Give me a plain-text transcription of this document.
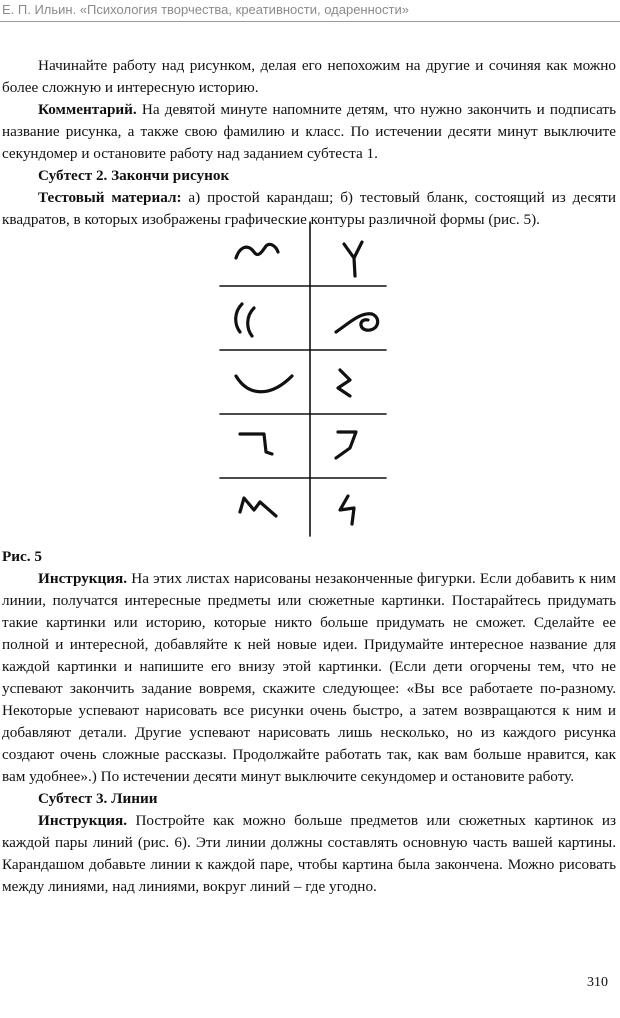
Е. П. Ильин. «Психология творчества, креативности, одаренности»

Начинайте работу над рисунком, делая его непохожим на другие и сочиняя как можно более сложную и интересную историю.

Комментарий. На девятой минуте напомните детям, что нужно закончить и подписать название рисунка, а также свою фамилию и класс. По истечении десяти минут выключите секундомер и остановите работу над заданием субтеста 1.

Субтест 2. Закончи рисунок

Тестовый материал: а) простой карандаш; б) тестовый бланк, состоящий из десяти квадратов, в которых изображены графические контуры различной формы (рис. 5).

Рис. 5

Инструкция. На этих листах нарисованы незаконченные фигурки. Если добавить к ним линии, получатся интересные предметы или сюжетные картинки. Постарайтесь придумать такие картинки или историю, которые никто больше придумать не сможет. Сделайте ее полной и интересной, добавляйте к ней новые идеи. Придумайте интересное название для каждой картинки и напишите его внизу этой картинки. (Если дети огорчены тем, что не успевают закончить задание вовремя, скажите следующее: «Вы все работаете по-разному. Некоторые успевают нарисовать все рисунки очень быстро, а затем возвращаются к ним и добавляют детали. Другие успевают нарисовать лишь несколько, но из каждого рисунка создают очень сложные рассказы. Продолжайте работать так, как вам больше нравится, как вам удобнее».) По истечении десяти минут выключите секундомер и остановите работу.

Субтест 3. Линии

Инструкция. Постройте как можно больше предметов или сюжетных картинок из каждой пары линий (рис. 6). Эти линии должны составлять основную часть вашей картины. Карандашом добавьте линии к каждой паре, чтобы картина была закончена. Можно рисовать между линиями, над линиями, вокруг линий – где угодно.

310
